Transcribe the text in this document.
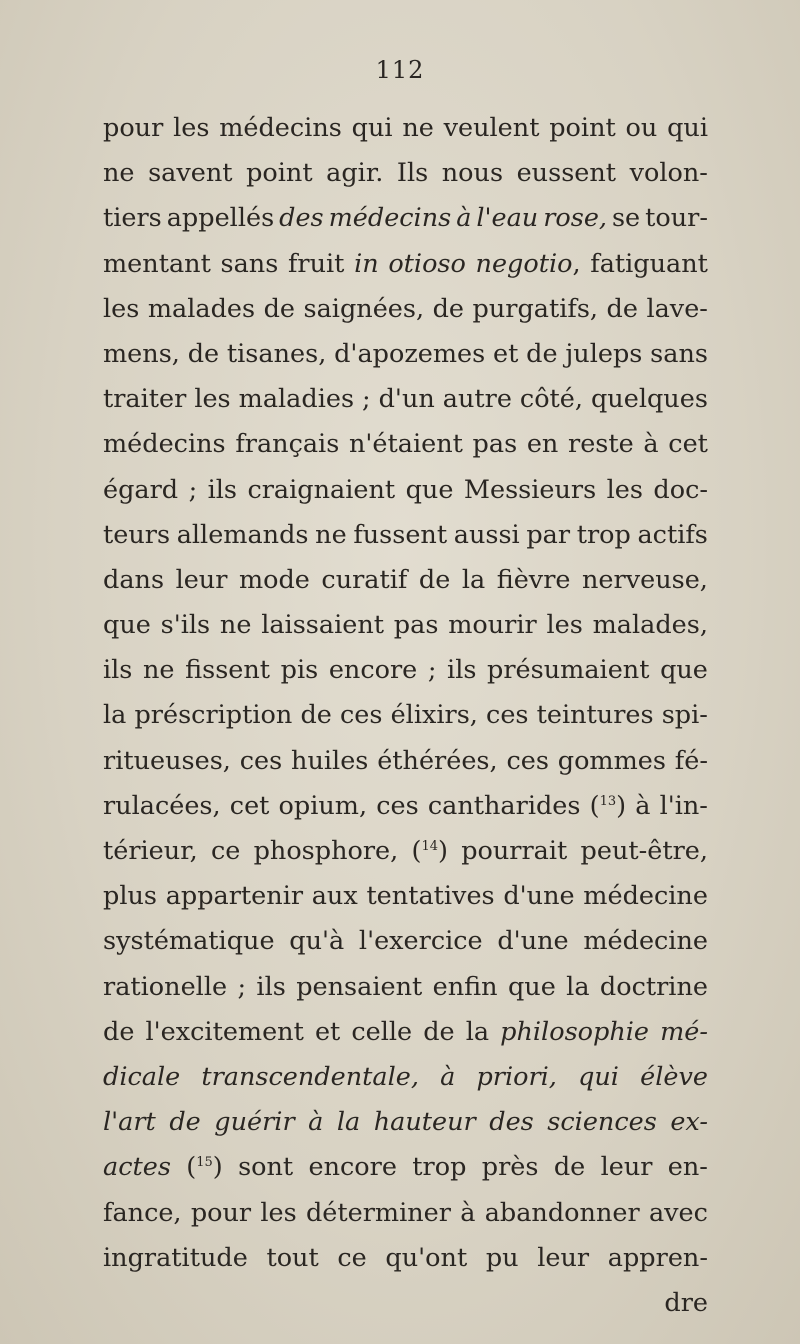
112
pour les médecins qui ne veulent point ou qui
ne savent point agir. Ils nous eussent volon-
tiers appellés des médecins à l'eau rose, se tour-
mentant sans fruit in otioso negotio, fatiguant
les malades de saignées, de purgatifs, de lave-
mens, de tisanes, d'apozemes et de juleps sans
traiter les maladies ; d'un autre côté, quelques
médecins français n'étaient pas en reste à cet
égard ; ils craignaient que Messieurs les doc-
teurs allemands ne fussent aussi par trop actifs
dans leur mode curatif de la fièvre nerveuse,
que s'ils ne laissaient pas mourir les malades,
ils ne fissent pis encore ; ils présumaient que
la préscription de ces élixirs, ces teintures spi-
ritueuses, ces huiles éthérées, ces gommes fé-
rulacées, cet opium, ces cantharides ($^{13}$) à l'in-
térieur, ce phosphore, ($^{14}$) pourrait peut-être,
plus appartenir aux tentatives d'une médecine
systématique qu'à l'exercice d'une médecine
rationelle ; ils pensaient enfin que la doctrine
de l'excitement et celle de la philosophie mé-
dicale transcendentale, à priori, qui élève
l'art de guérir à la hauteur des sciences ex-
actes ($^{15}$) sont encore trop près de leur en-
fance, pour les déterminer à abandonner avec
ingratitude tout ce qu'ont pu leur appren-
dre
